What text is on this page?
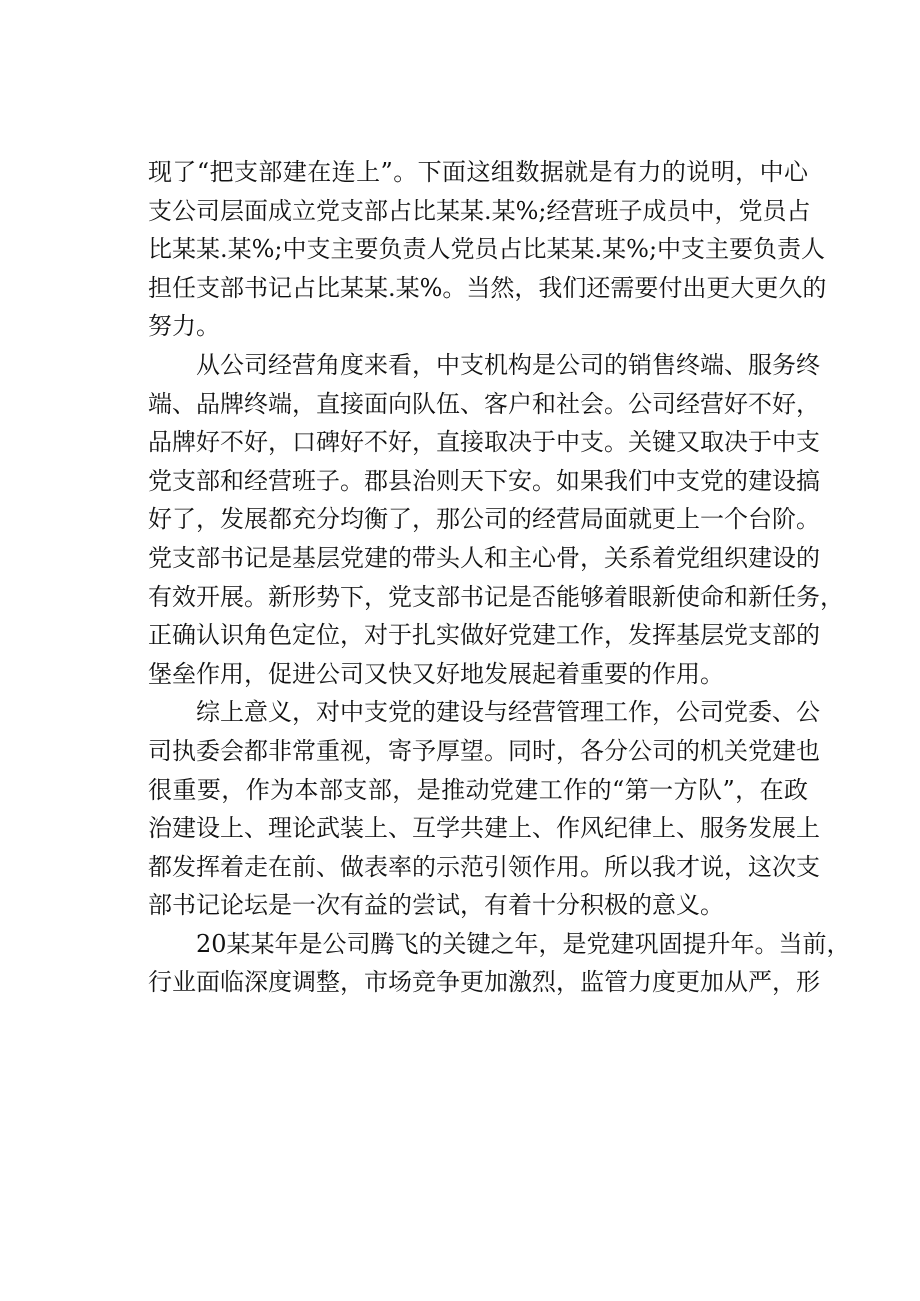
现了“把支部建在连上”。下面这组数据就是有力的说明，中心
支公司层面成立党支部占比某某.某%;经营班子成员中，党员占
比某某.某%;中支主要负责人党员占比某某.某%;中支主要负责人
担任支部书记占比某某.某%。当然，我们还需要付出更大更久的
努力。
　　从公司经营角度来看，中支机构是公司的销售终端、服务终
端、品牌终端，直接面向队伍、客户和社会。公司经营好不好，
品牌好不好，口碑好不好，直接取决于中支。关键又取决于中支
党支部和经营班子。郡县治则天下安。如果我们中支党的建设搞
好了，发展都充分均衡了，那公司的经营局面就更上一个台阶。
党支部书记是基层党建的带头人和主心骨，关系着党组织建设的
有效开展。新形势下，党支部书记是否能够着眼新使命和新任务，
正确认识角色定位，对于扎实做好党建工作，发挥基层党支部的
堡垒作用，促进公司又快又好地发展起着重要的作用。
　　综上意义，对中支党的建设与经营管理工作，公司党委、公
司执委会都非常重视，寄予厚望。同时，各分公司的机关党建也
很重要，作为本部支部，是推动党建工作的“第一方队”，在政
治建设上、理论武装上、互学共建上、作风纪律上、服务发展上
都发挥着走在前、做表率的示范引领作用。所以我才说，这次支
部书记论坛是一次有益的尝试，有着十分积极的意义。
　　20某某年是公司腾飞的关键之年，是党建巩固提升年。当前，
行业面临深度调整，市场竞争更加激烈，监管力度更加从严，形
